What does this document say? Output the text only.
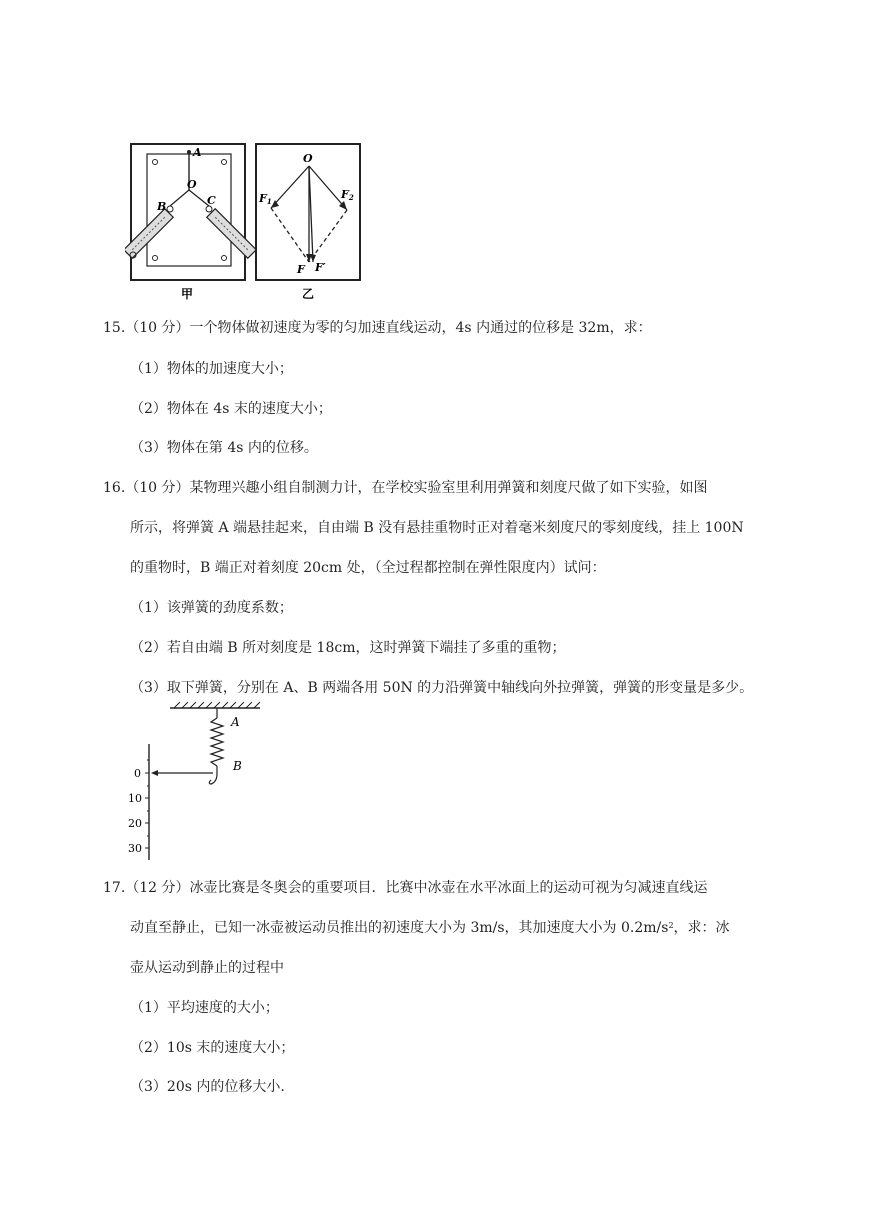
A
O
B	C
O
F1
F2
F F′
甲	乙
15.（10 分）一个物体做初速度为零的匀加速直线运动，4s 内通过的位移是 32m，求：
（1）物体的加速度大小；
（2）物体在 4s 末的速度大小；
（3）物体在第 4s 内的位移。
16.（10 分）某物理兴趣小组自制测力计，在学校实验室里利用弹簧和刻度尺做了如下实验，如图
所示，将弹簧 A 端悬挂起来，自由端 B 没有悬挂重物时正对着毫米刻度尺的零刻度线，挂上 100N
的重物时，B 端正对着刻度 20cm 处，（全过程都控制在弹性限度内）试问：
（1）该弹簧的劲度系数；
（2）若自由端 B 所对刻度是 18cm，这时弹簧下端挂了多重的重物；
（3）取下弹簧，分别在 A、B 两端各用 50N 的力沿弹簧中轴线向外拉弹簧，弹簧的形变量是多少。
A
B
0
10
20
30
17.（12 分）冰壶比赛是冬奥会的重要项目．比赛中冰壶在水平冰面上的运动可视为匀减速直线运
动直至静止，已知一冰壶被运动员推出的初速度大小为 3m/s，其加速度大小为 $0.2m/s^2$，求：冰
壶从运动到静止的过程中
（1）平均速度的大小；
（2）10s 末的速度大小；
（3）20s 内的位移大小.
